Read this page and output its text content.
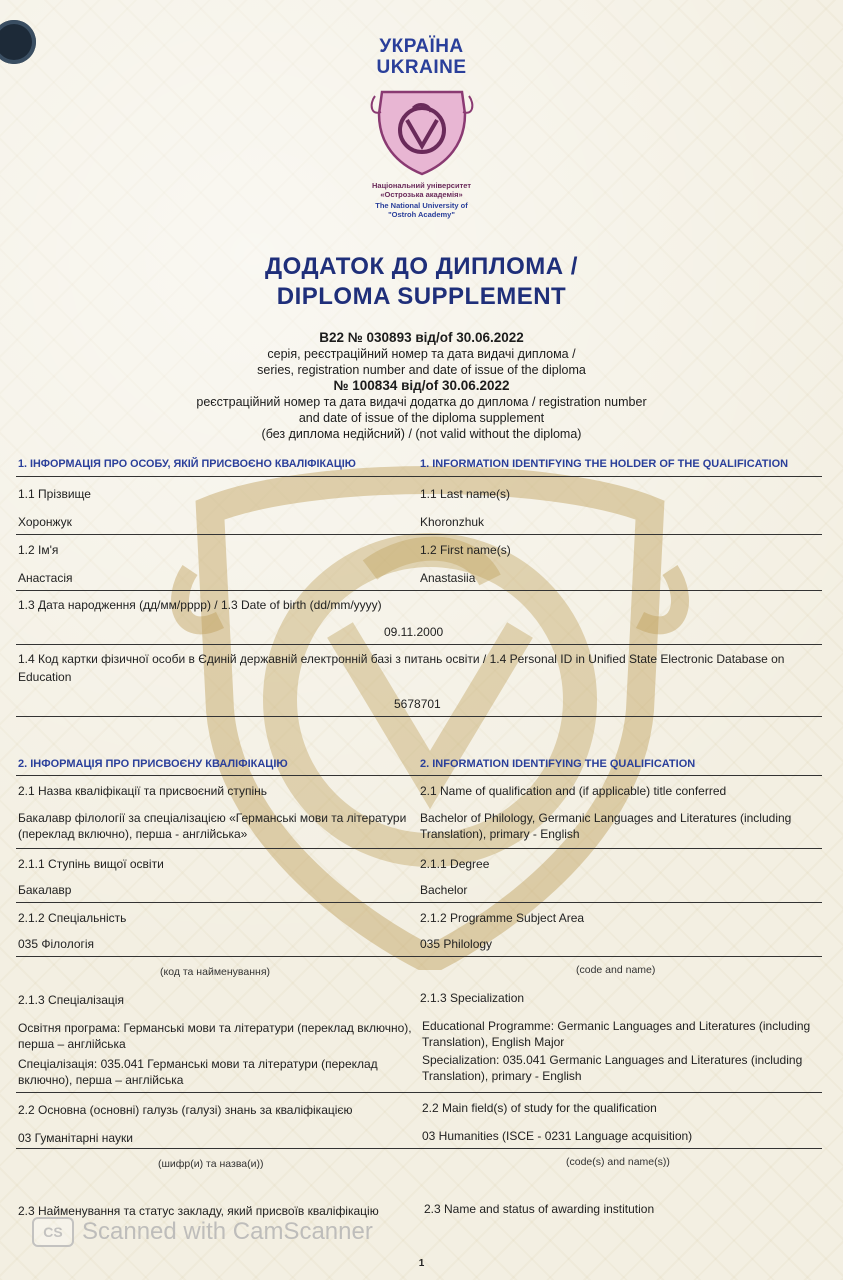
УКРАЇНА
UKRAINE
Національний університет
«Острозька академія»
The National University of
"Ostroh Academy"
ДОДАТОК ДО ДИПЛОМА /
DIPLOMA SUPPLEMENT
B22 № 030893 від/of 30.06.2022
серія, реєстраційний номер та дата видачі диплома /
series, registration number and date of issue of the diploma
№ 100834 від/of 30.06.2022
реєстраційний номер та дата видачі додатка до диплома / registration number
and date of issue of the diploma supplement
(без диплома недійсний) / (not valid without the diploma)
1. ІНФОРМАЦІЯ ПРО ОСОБУ, ЯКІЙ ПРИСВОЄНО КВАЛІФІКАЦІЮ	1. INFORMATION IDENTIFYING THE HOLDER OF THE QUALIFICATION
1.1 Прізвище	1.1 Last name(s)
Хоронжук	Khoronzhuk
1.2 Ім'я	1.2 First name(s)
Анастасія	Anastasiia
1.3 Дата народження (дд/мм/рррр) / 1.3 Date of birth (dd/mm/yyyy)
09.11.2000
1.4 Код картки фізичної особи в Єдиній державній електронній базі з питань освіти / 1.4 Personal ID in Unified State Electronic Database on
Education
5678701
2. ІНФОРМАЦІЯ ПРО ПРИСВОЄНУ КВАЛІФІКАЦІЮ	2. INFORMATION IDENTIFYING THE QUALIFICATION
2.1 Назва кваліфікації та присвоєний ступінь	2.1 Name of qualification and (if applicable) title conferred
Бакалавр філології за спеціалізацією «Германські мови та літератури
(переклад включно), перша - англійська»
Bachelor of Philology, Germanic Languages and Literatures (including
Translation), primary - English
2.1.1 Ступінь вищої освіти	2.1.1 Degree
Бакалавр	Bachelor
2.1.2 Спеціальність	2.1.2 Programme Subject Area
035 Філологія	035 Philology
(код та найменування)	(code and name)
2.1.3 Спеціалізація	2.1.3 Specialization
Освітня програма: Германські мови та літератури (переклад включно),
перша – англійська
Спеціалізація: 035.041 Германські мови та літератури (переклад
включно), перша – англійська
Educational Programme: Germanic Languages and Literatures (including
Translation), English Major
Specialization: 035.041 Germanic Languages and Literatures (including
Translation), primary - English
2.2 Основна (основні) галузь (галузі) знань за кваліфікацією	2.2 Main field(s) of study for the qualification
03 Гуманітарні науки	03 Humanities (ISCE - 0231 Language acquisition)
(шифр(и) та назва(и))	(code(s) and name(s))
2.3 Найменування та статус закладу, який присвоїв кваліфікацію	2.3 Name and status of awarding institution
CS Scanned with CamScanner
1
